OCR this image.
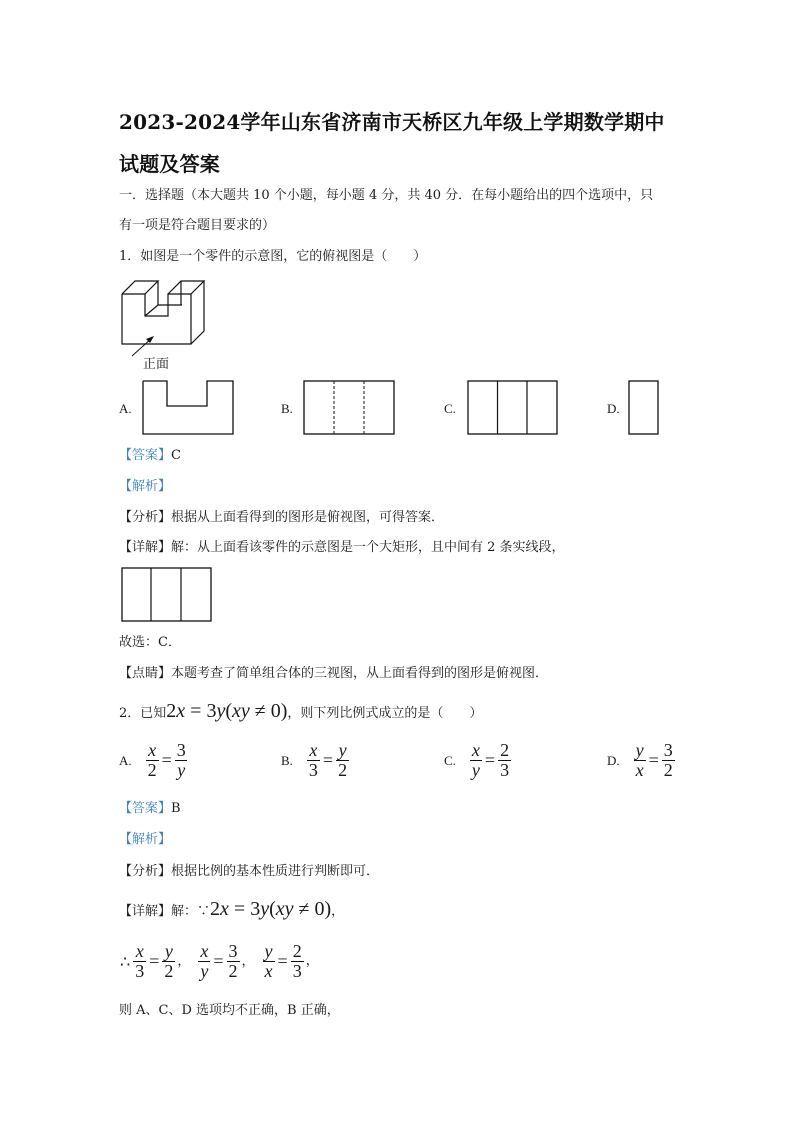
2023-2024学年山东省济南市天桥区九年级上学期数学期中
试题及答案
一．选择题（本大题共 10 个小题，每小题 4 分，共 40 分．在每小题给出的四个选项中，只
有一项是符合题目要求的）
1．如图是一个零件的示意图，它的俯视图是（　　）
正面
A.	B.	C.	D.
【答案】C
【解析】
【分析】根据从上面看得到的图形是俯视图，可得答案．
【详解】解：从上面看该零件的示意图是一个大矩形，且中间有 2 条实线段，
故选：C．
【点睛】本题考查了简单组合体的三视图，从上面看得到的图形是俯视图．
2．已知2x = 3y(xy ≠ 0)，则下列比例式成立的是（　　）
A. $\frac{x}{2} = \frac{3}{y}$	B. $\frac{x}{3} = \frac{y}{2}$	C. $\frac{x}{y} = \frac{2}{3}$	D. $\frac{y}{x} = \frac{3}{2}$
【答案】B
【解析】
【分析】根据比例的基本性质进行判断即可．
【详解】解：∵2x = 3y(xy ≠ 0)，
∴ $\frac{x}{3} = \frac{y}{2}$ ， $\frac{x}{y} = \frac{3}{2}$ ， $\frac{y}{x} = \frac{2}{3}$ ，
则 A、C、D 选项均不正确，B 正确，
